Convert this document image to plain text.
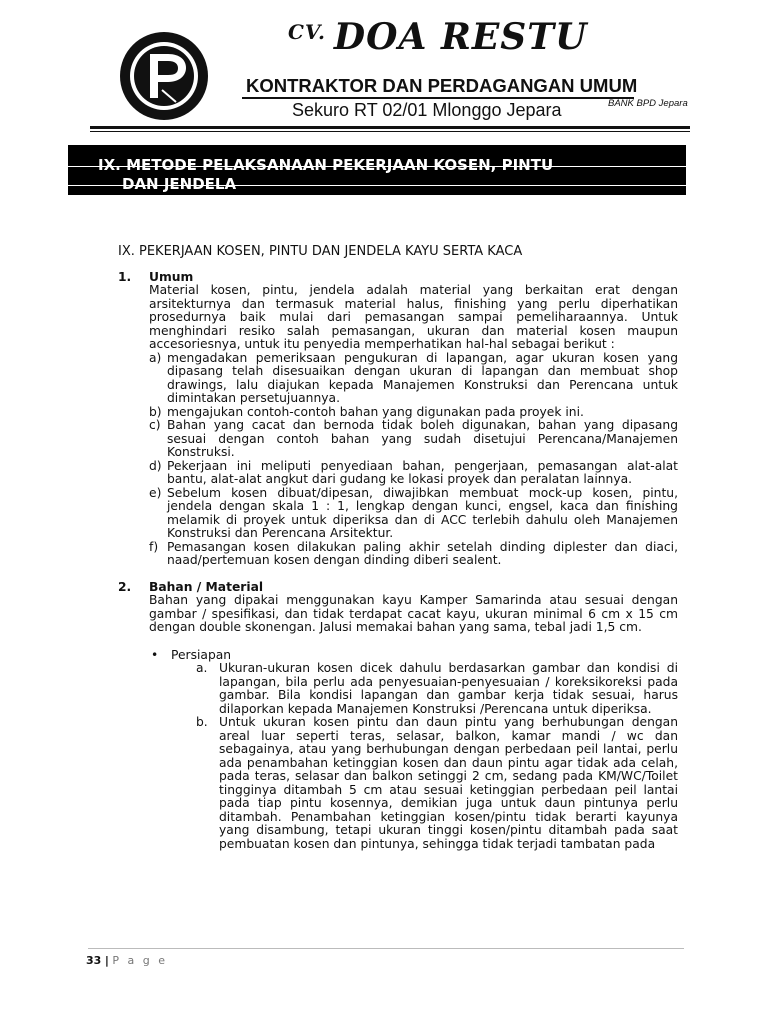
$^{CV.}$ DOA RESTU
KONTRAKTOR DAN PERDAGANGAN UMUM
Sekuro RT 02/01 Mlonggo Jepara	BANK BPD Jepara
IX. METODE PELAKSANAAN PEKERJAAN KOSEN, PINTU
DAN JENDELA
IX. PEKERJAAN KOSEN, PINTU DAN JENDELA KAYU SERTA KACA
1.	Umum
Material kosen, pintu, jendela adalah material yang berkaitan erat dengan arsitekturnya dan termasuk material halus, finishing yang perlu diperhatikan prosedurnya baik mulai dari pemasangan sampai pemeliharaannya. Untuk menghindari resiko salah pemasangan, ukuran dan material kosen maupun accesoriesnya, untuk itu penyedia memperhatikan hal-hal sebagai berikut :
a) mengadakan pemeriksaan pengukuran di lapangan, agar ukuran kosen yang dipasang telah disesuaikan dengan ukuran di lapangan dan membuat shop drawings, lalu diajukan kepada Manajemen Konstruksi dan Perencana untuk dimintakan persetujuannya.
b) mengajukan contoh-contoh bahan yang digunakan pada proyek ini.
c) Bahan yang cacat dan bernoda tidak boleh digunakan, bahan yang dipasang sesuai dengan contoh bahan yang sudah disetujui Perencana/Manajemen Konstruksi.
d) Pekerjaan ini meliputi penyediaan bahan, pengerjaan, pemasangan alat-alat bantu, alat-alat angkut dari gudang ke lokasi proyek dan peralatan lainnya.
e) Sebelum kosen dibuat/dipesan, diwajibkan membuat mock-up kosen, pintu, jendela dengan skala 1 : 1, lengkap dengan kunci, engsel, kaca dan finishing melamik di proyek untuk diperiksa dan di ACC terlebih dahulu oleh Manajemen Konstruksi dan Perencana Arsitektur.
f) Pemasangan kosen dilakukan paling akhir setelah dinding diplester dan diaci, naad/pertemuan kosen dengan dinding diberi sealent.
2.	Bahan / Material
Bahan yang dipakai menggunakan kayu Kamper Samarinda atau sesuai dengan gambar / spesifikasi, dan tidak terdapat cacat kayu, ukuran minimal 6 cm x 15 cm dengan double skonengan. Jalusi memakai bahan yang sama, tebal jadi 1,5 cm.
•	Persiapan
a. Ukuran-ukuran kosen dicek dahulu berdasarkan gambar dan kondisi di lapangan, bila perlu ada penyesuaian-penyesuaian / koreksikoreksi pada gambar. Bila kondisi lapangan dan gambar kerja tidak sesuai, harus dilaporkan kepada Manajemen Konstruksi /Perencana untuk diperiksa.
b. Untuk ukuran kosen pintu dan daun pintu yang berhubungan dengan areal luar seperti teras, selasar, balkon, kamar mandi / wc dan sebagainya, atau yang berhubungan dengan perbedaan peil lantai, perlu ada penambahan ketinggian kosen dan daun pintu agar tidak ada celah, pada teras, selasar dan balkon setinggi 2 cm, sedang pada KM/WC/Toilet tingginya ditambah 5 cm atau sesuai ketinggian perbedaan peil lantai pada tiap pintu kosennya, demikian juga untuk daun pintunya perlu ditambah. Penambahan ketinggian kosen/pintu tidak berarti kayunya yang disambung, tetapi ukuran tinggi kosen/pintu ditambah pada saat pembuatan kosen dan pintunya, sehingga tidak terjadi tambatan pada
33 | P a g e
